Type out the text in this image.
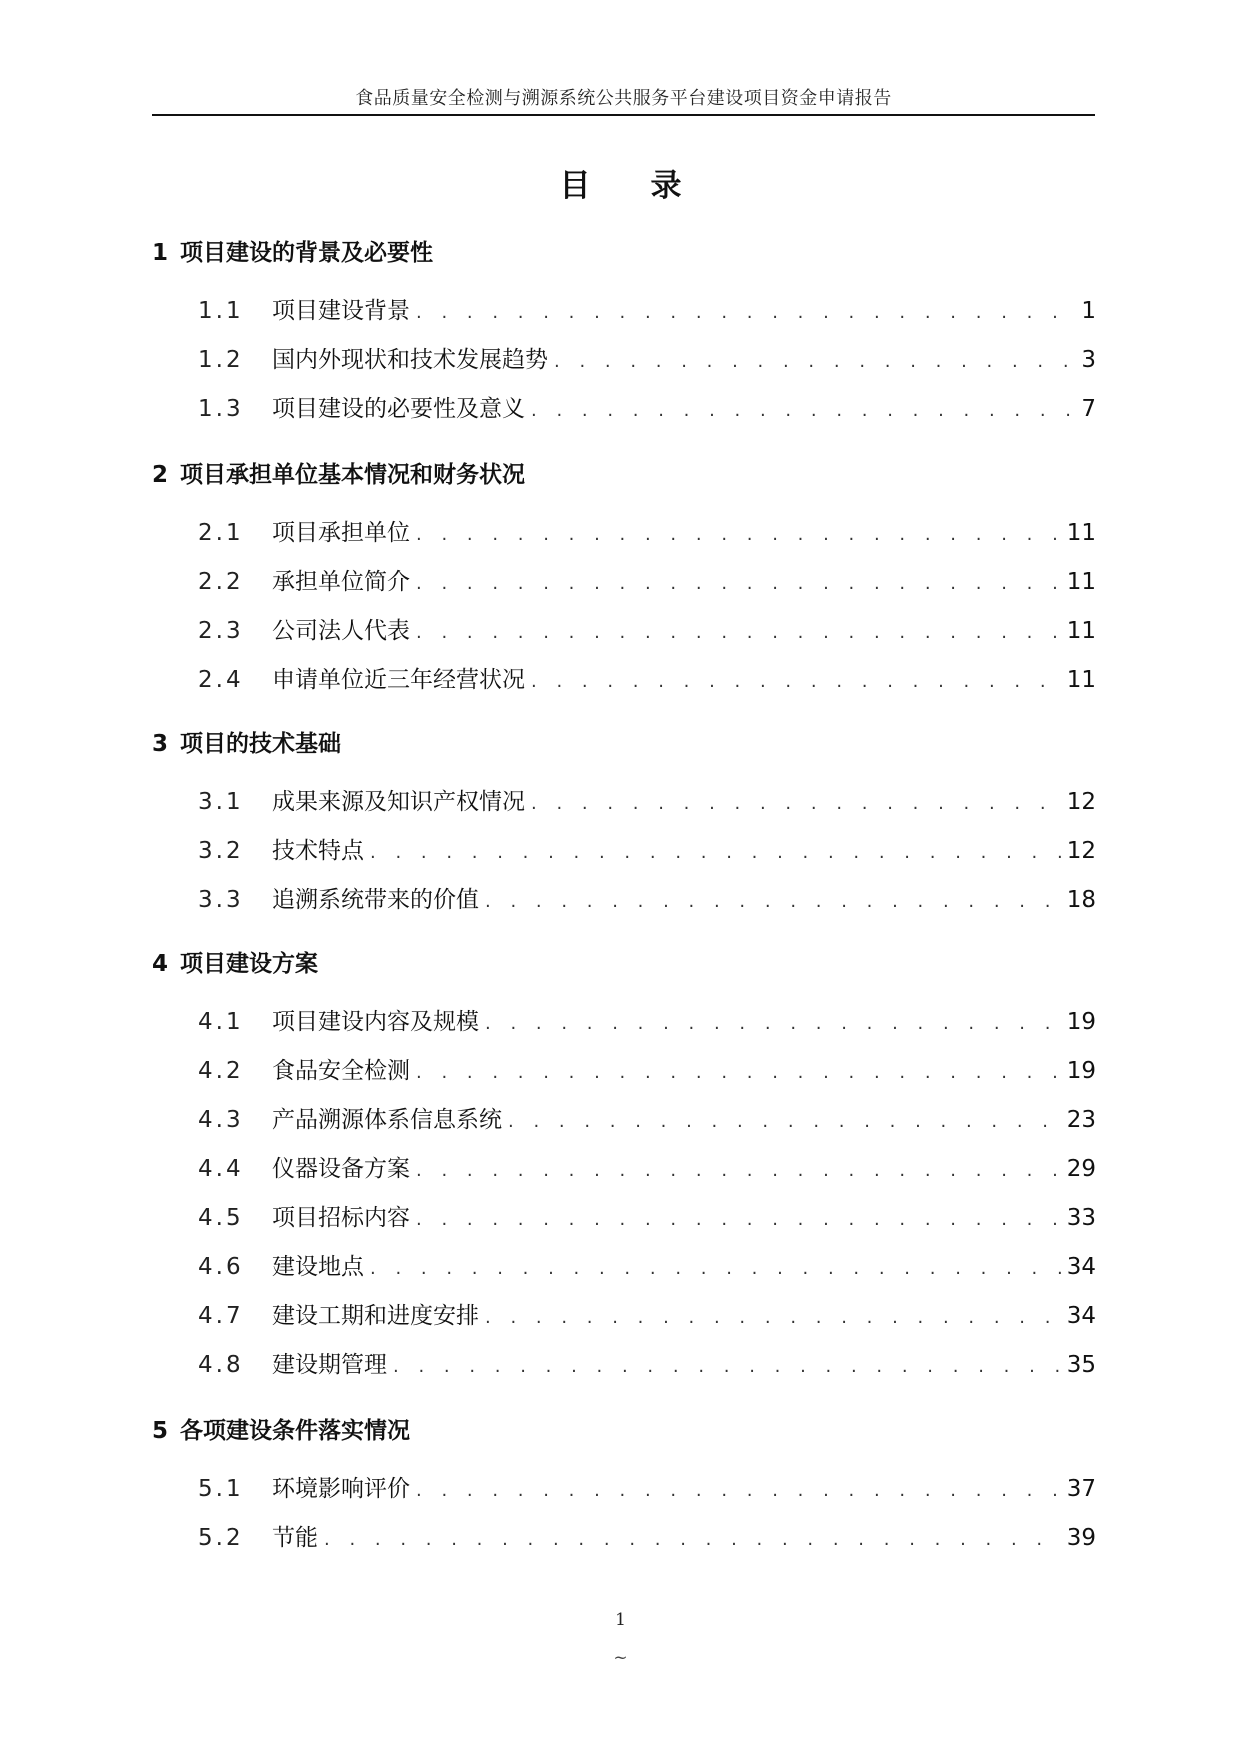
食品质量安全检测与溯源系统公共服务平台建设项目资金申请报告
目录
1 项目建设的背景及必要性
1.1	项目建设背景 . . .	1
1.2	国内外现状和技术发展趋势 . . .	3
1.3	项目建设的必要性及意义 . . .	7
2 项目承担单位基本情况和财务状况
2.1	项目承担单位 . . .	11
2.2	承担单位简介 . . .	11
2.3	公司法人代表 . . .	11
2.4	申请单位近三年经营状况 . . .	11
3 项目的技术基础
3.1	成果来源及知识产权情况 . . .	12
3.2	技术特点 . . .	12
3.3	追溯系统带来的价值 . . .	18
4 项目建设方案
4.1	项目建设内容及规模 . . .	19
4.2	食品安全检测 . . .	19
4.3	产品溯源体系信息系统 . . .	23
4.4	仪器设备方案 . . .	29
4.5	项目招标内容 . . .	33
4.6	建设地点 . . .	34
4.7	建设工期和进度安排 . . .	34
4.8	建设期管理 . . .	35
5 各项建设条件落实情况
5.1	环境影响评价 . . .	37
5.2	节能 . . .	39
1
~
